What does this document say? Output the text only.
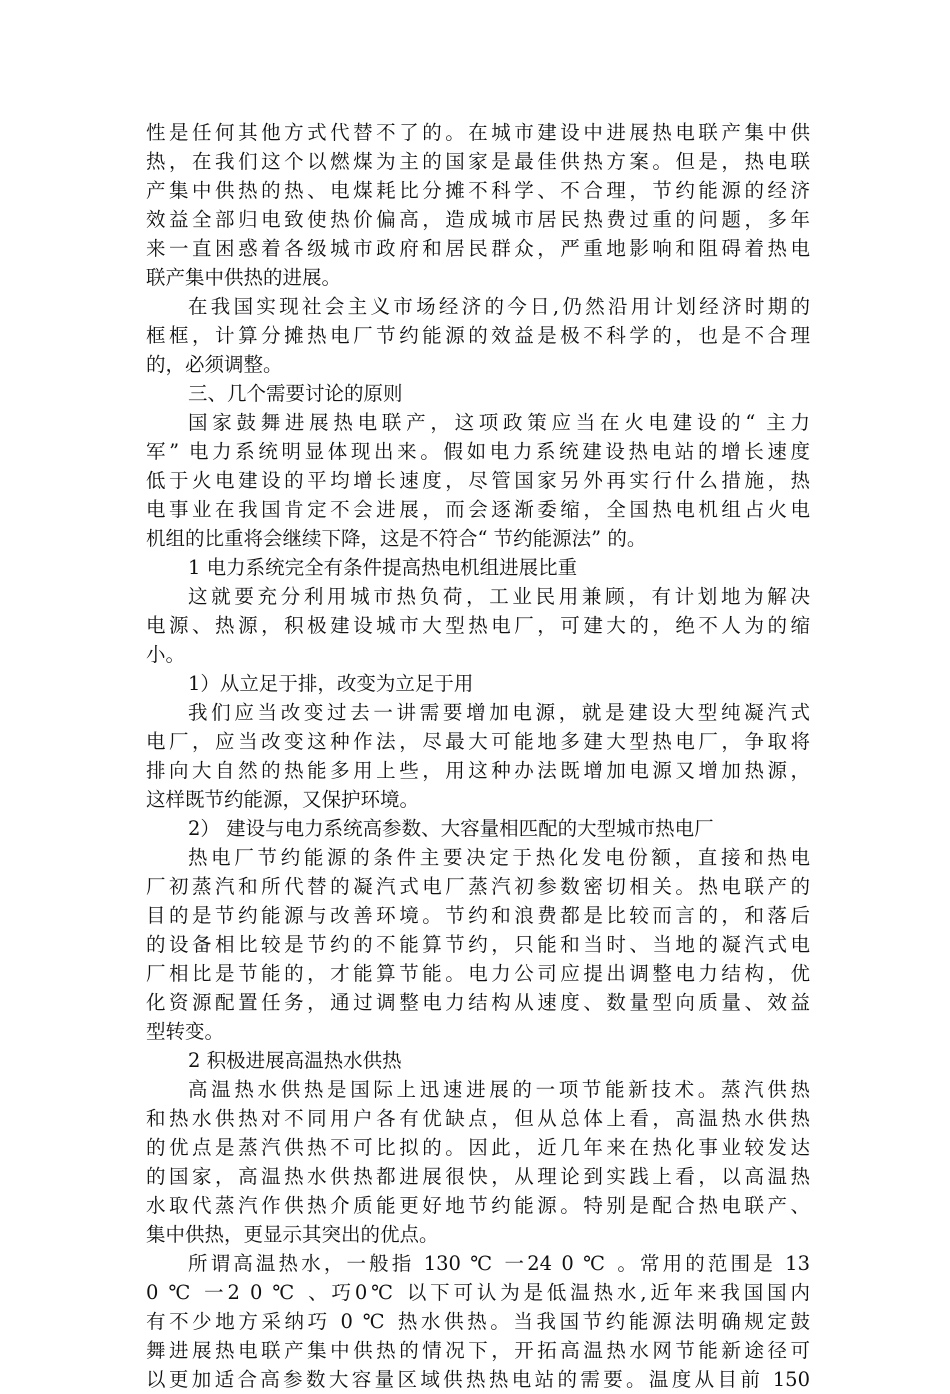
性是任何其他方式代替不了的。在城市建设中进展热电联产集中供
热，在我们这个以燃煤为主的国家是最佳供热方案。但是，热电联
产集中供热的热、电煤耗比分摊不科学、不合理，节约能源的经济
效益全部归电致使热价偏高，造成城市居民热费过重的问题，多年
来一直困惑着各级城市政府和居民群众，严重地影响和阻碍着热电
联产集中供热的进展。
在我国实现社会主义市场经济的今日,仍然沿用计划经济时期的
框框，计算分摊热电厂节约能源的效益是极不科学的，也是不合理
的，必须调整。
三、几个需要讨论的原则
国家鼓舞进展热电联产，这项政策应当在火电建设的“ 主力
军” 电力系统明显体现出来。假如电力系统建设热电站的增长速度
低于火电建设的平均增长速度，尽管国家另外再实行什么措施，热
电事业在我国肯定不会进展，而会逐渐委缩，全国热电机组占火电
机组的比重将会继续下降，这是不符合“ 节约能源法” 的。
1 电力系统完全有条件提高热电机组进展比重
这就要充分利用城市热负荷，工业民用兼顾，有计划地为解决
电源、热源，积极建设城市大型热电厂，可建大的，绝不人为的缩
小。
1）从立足于排，改变为立足于用
我们应当改变过去一讲需要增加电源，就是建设大型纯凝汽式
电厂，应当改变这种作法，尽最大可能地多建大型热电厂，争取将
排向大自然的热能多用上些，用这种办法既增加电源又增加热源，
这样既节约能源，又保护环境。
2） 建设与电力系统高参数、大容量相匹配的大型城市热电厂
热电厂节约能源的条件主要决定于热化发电份额，直接和热电
厂初蒸汽和所代替的凝汽式电厂蒸汽初参数密切相关。热电联产的
目的是节约能源与改善环境。节约和浪费都是比较而言的，和落后
的设备相比较是节约的不能算节约，只能和当时、当地的凝汽式电
厂相比是节能的，才能算节能。电力公司应提出调整电力结构，优
化资源配置任务，通过调整电力结构从速度、数量型向质量、效益
型转变。
2 积极进展高温热水供热
高温热水供热是国际上迅速进展的一项节能新技术。蒸汽供热
和热水供热对不同用户各有优缺点，但从总体上看，高温热水供热
的优点是蒸汽供热不可比拟的。因此，近几年来在热化事业较发达
的国家，高温热水供热都进展很快，从理论到实践上看，以高温热
水取代蒸汽作供热介质能更好地节约能源。特别是配合热电联产、
集中供热，更显示其突出的优点。
所谓高温热水，一般指 130 ℃ 一24 0 ℃ 。常用的范围是 13
0 ℃ 一2 0 ℃ 、巧0℃ 以下可认为是低温热水,近年来我国国内
有不少地方采纳巧 0 ℃ 热水供热。当我国节约能源法明确规定鼓
舞进展热电联产集中供热的情况下，开拓高温热水网节能新途径可
以更加适合高参数大容量区域供热热电站的需要。温度从目前 150
